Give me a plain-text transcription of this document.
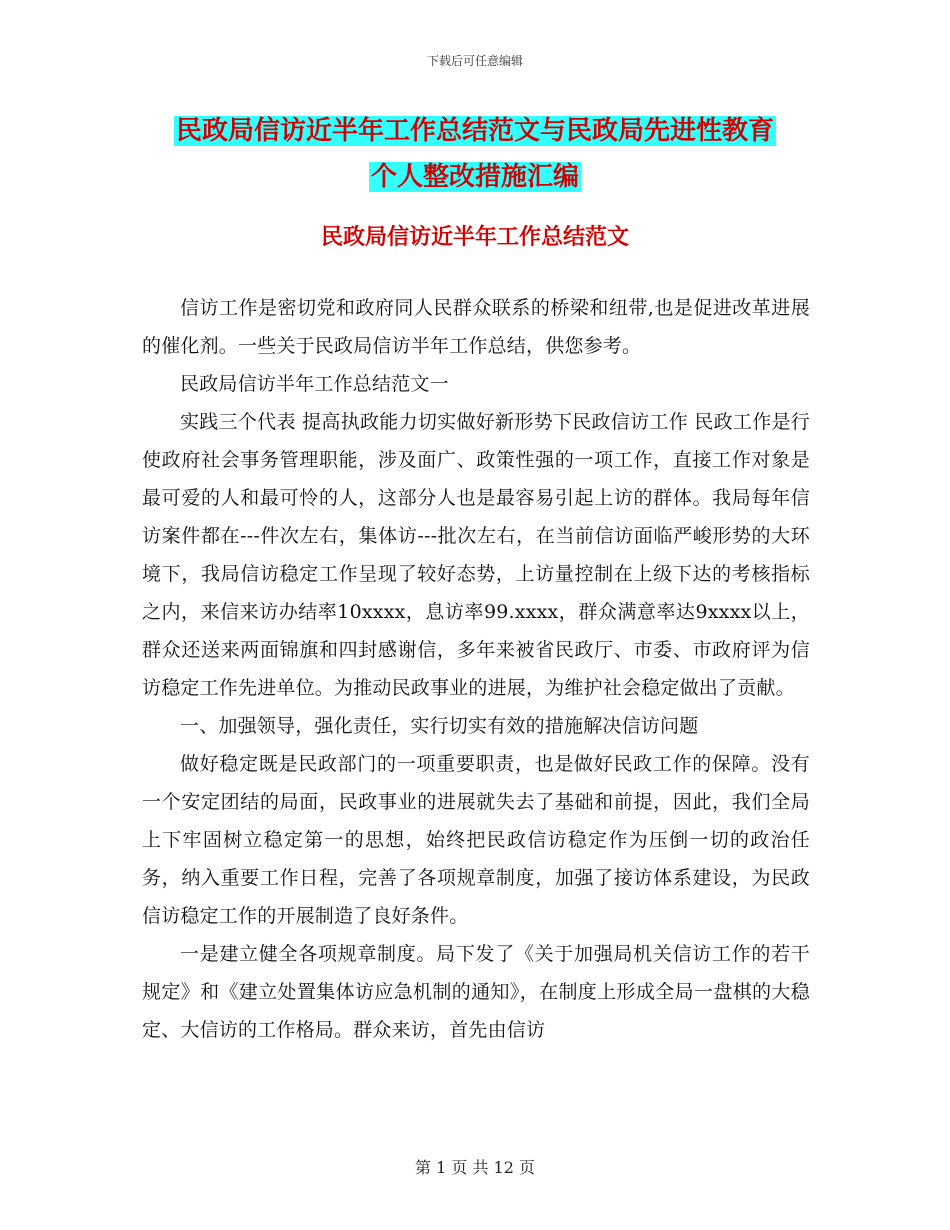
下载后可任意编辑
民政局信访近半年工作总结范文与民政局先进性教育
个人整改措施汇编
民政局信访近半年工作总结范文

信访工作是密切党和政府同人民群众联系的桥梁和纽带,也是促进改革进展的催化剂。一些关于民政局信访半年工作总结，供您参考。

民政局信访半年工作总结范文一

实践三个代表 提高执政能力切实做好新形势下民政信访工作 民政工作是行使政府社会事务管理职能，涉及面广、政策性强的一项工作，直接工作对象是最可爱的人和最可怜的人，这部分人也是最容易引起上访的群体。我局每年信访案件都在---件次左右，集体访---批次左右，在当前信访面临严峻形势的大环境下，我局信访稳定工作呈现了较好态势，上访量控制在上级下达的考核指标之内，来信来访办结率10xxxx，息访率99.xxxx，群众满意率达9xxxx以上，群众还送来两面锦旗和四封感谢信，多年来被省民政厅、市委、市政府评为信访稳定工作先进单位。为推动民政事业的进展，为维护社会稳定做出了贡献。

一、加强领导，强化责任，实行切实有效的措施解决信访问题

做好稳定既是民政部门的一项重要职责，也是做好民政工作的保障。没有一个安定团结的局面，民政事业的进展就失去了基础和前提，因此，我们全局上下牢固树立稳定第一的思想，始终把民政信访稳定作为压倒一切的政治任务，纳入重要工作日程，完善了各项规章制度，加强了接访体系建设，为民政信访稳定工作的开展制造了良好条件。

一是建立健全各项规章制度。局下发了《关于加强局机关信访工作的若干规定》和《建立处置集体访应急机制的通知》，在制度上形成全局一盘棋的大稳定、大信访的工作格局。群众来访，首先由信访

第 1 页 共 12 页
